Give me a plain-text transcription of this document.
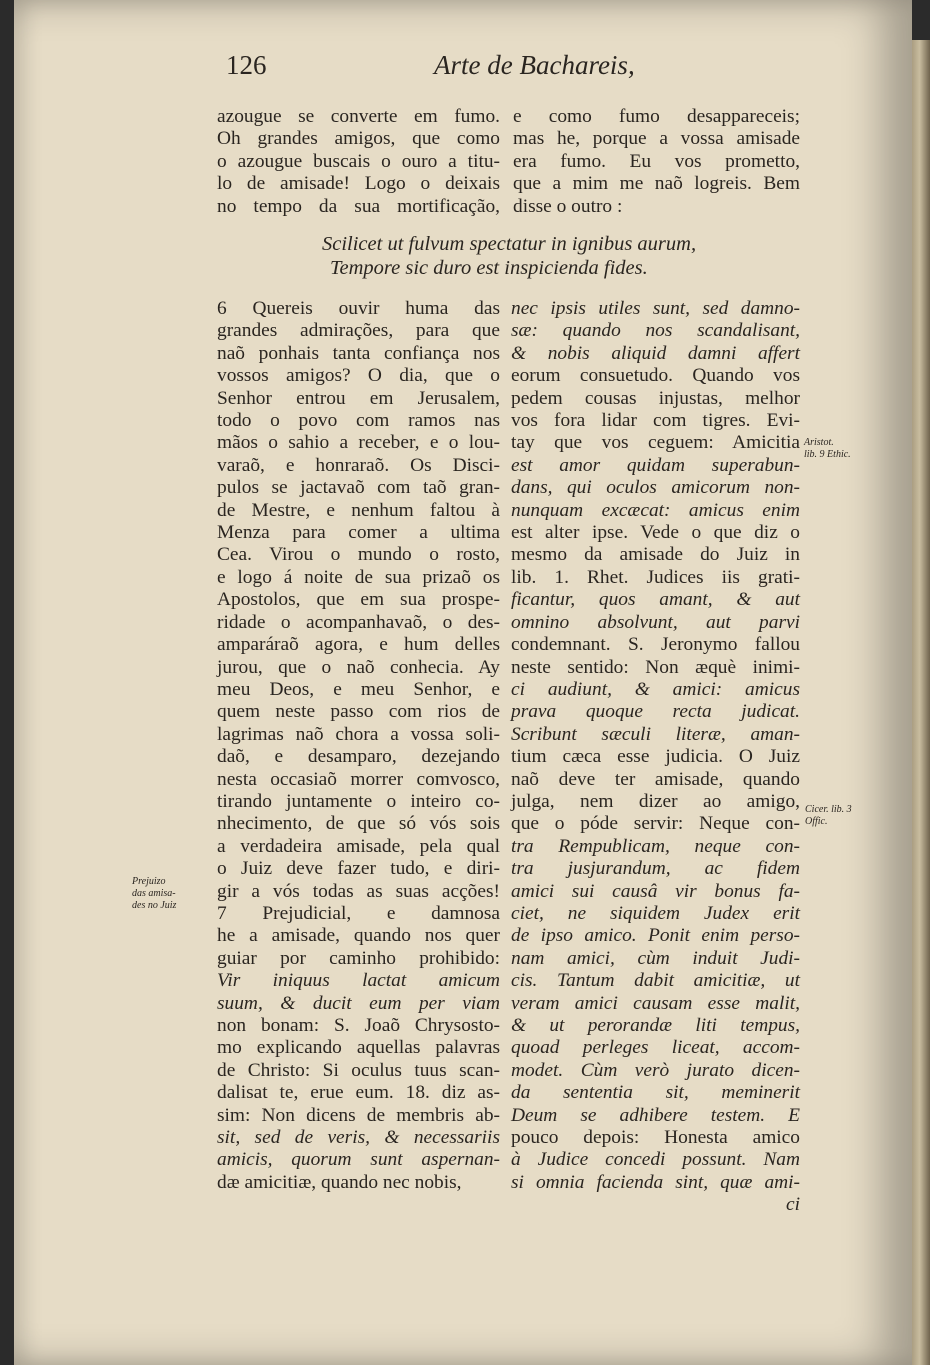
126	Arte de Bachareis,
azougue se converte em fumo.
Oh grandes amigos, que como
o azougue buscais o ouro a titu-
lo de amisade! Logo o deixais
no tempo da sua mortificação,
e como fumo desappareceis;
mas he, porque a vossa amisade
era fumo. Eu vos prometto,
que a mim me naõ logreis. Bem
disse o outro :
Scilicet ut fulvum spectatur in ignibus aurum,
Tempore sic duro est inspicienda fides.
6 Quereis ouvir huma das
grandes admirações, para que
naõ ponhais tanta confiança nos
vossos amigos? O dia, que o
Senhor entrou em Jerusalem,
todo o povo com ramos nas
mãos o sahio a receber, e o lou-
varaõ, e honraraõ. Os Disci-
pulos se jactavaõ com taõ gran-
de Mestre, e nenhum faltou à
Menza para comer a ultima
Cea. Virou o mundo o rosto,
e logo á noite de sua prizaõ os
Apostolos, que em sua prospe-
ridade o acompanhavaõ, o des-
amparáraõ agora, e hum delles
jurou, que o naõ conhecia. Ay
meu Deos, e meu Senhor, e
quem neste passo com rios de
lagrimas naõ chora a vossa soli-
daõ, e desamparo, dezejando
nesta occasiaõ morrer comvosco,
tirando juntamente o inteiro co-
nhecimento, de que só vós sois
a verdadeira amisade, pela qual
o Juiz deve fazer tudo, e diri-
gir a vós todas as suas acções!
7 Prejudicial, e damnosa
he a amisade, quando nos quer
guiar por caminho prohibido:
Vir iniquus lactat amicum
suum, & ducit eum per viam
non bonam: S. Joaõ Chrysosto-
mo explicando aquellas palavras
de Christo: Si oculus tuus scan-
dalisat te, erue eum. 18. diz as-
sim: Non dicens de membris ab-
sit, sed de veris, & necessariis
amicis, quorum sunt aspernan-
dæ amicitiæ, quando nec nobis,
nec ipsis utiles sunt, sed damno-
sæ: quando nos scandalisant,
& nobis aliquid damni affert
eorum consuetudo. Quando vos
pedem cousas injustas, melhor
vos fora lidar com tigres. Evi-
tay que vos ceguem: Amicitia
est amor quidam superabun-
dans, qui oculos amicorum non-
nunquam excæcat: amicus enim
est alter ipse. Vede o que diz o
mesmo da amisade do Juiz in
lib. 1. Rhet. Judices iis grati-
ficantur, quos amant, & aut
omnino absolvunt, aut parvi
condemnant. S. Jeronymo fallou
neste sentido: Non æquè inimi-
ci audiunt, & amici: amicus
prava quoque recta judicat.
Scribunt sæculi literæ, aman-
tium cæca esse judicia. O Juiz
naõ deve ter amisade, quando
julga, nem dizer ao amigo,
que o póde servir: Neque con-
tra Rempublicam, neque con-
tra jusjurandum, ac fidem
amici sui causâ vir bonus fa-
ciet, ne siquidem Judex erit
de ipso amico. Ponit enim perso-
nam amici, cùm induit Judi-
cis. Tantum dabit amicitiæ, ut
veram amici causam esse malit,
& ut perorandæ liti tempus,
quoad perleges liceat, accom-
modet. Cùm verò jurato dicen-
da sententia sit, meminerit
Deum se adhibere testem. E
pouco depois: Honesta amico
à Judice concedi possunt. Nam
si omnia facienda sint, quæ ami-
ci
Prejuizo
das amisa-
des no Juiz
Aristot.
lib. 9 Ethic.
Cicer. lib. 3
Offic.
